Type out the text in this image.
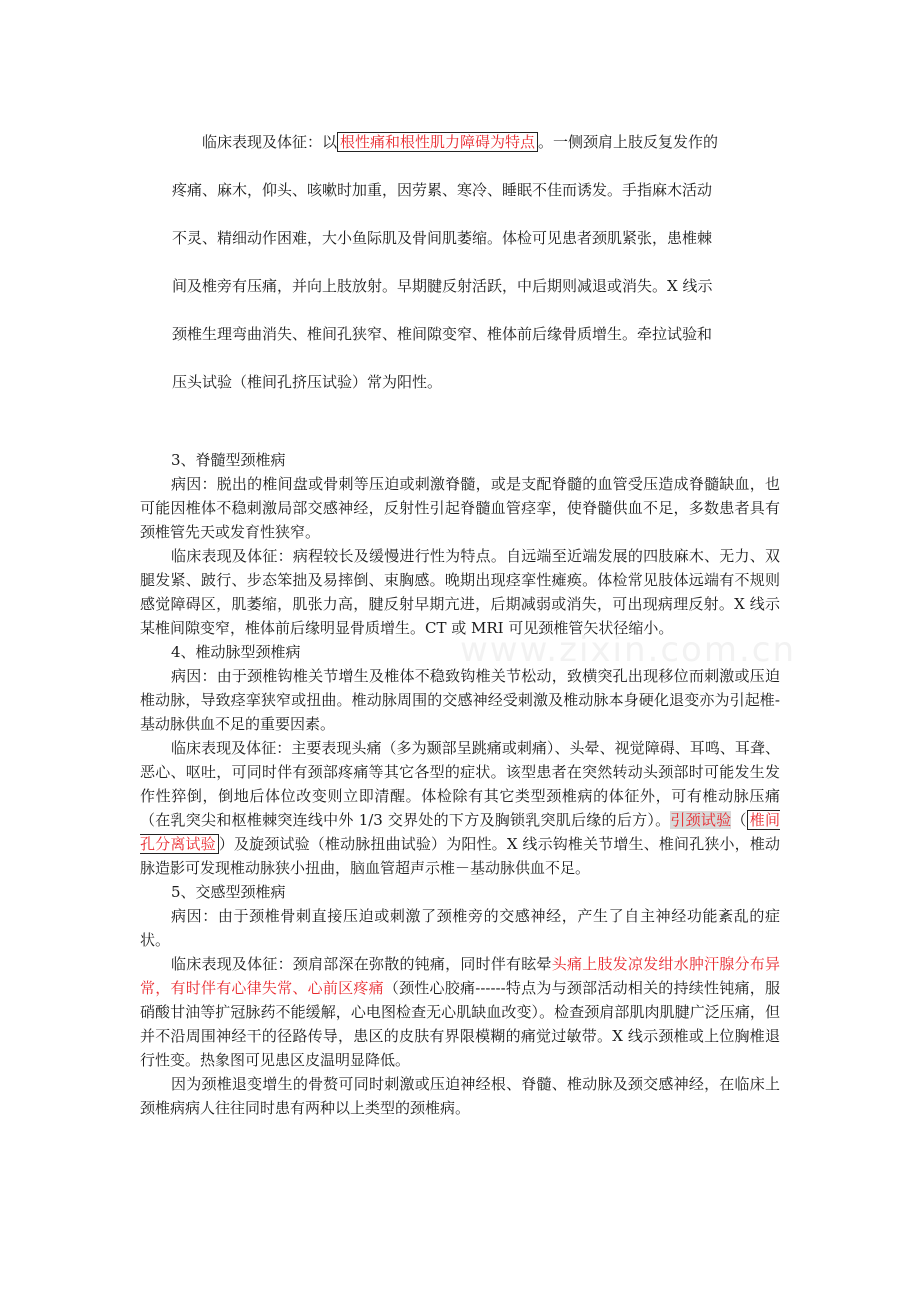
www.zixin.com.cn

临床表现及体征：以 根性痛和根性肌力障碍为特点 。一侧颈肩上肢反复发作的

疼痛、麻木，仰头、咳嗽时加重，因劳累、寒冷、睡眠不佳而诱发。手指麻木活动

不灵、精细动作困难，大小鱼际肌及骨间肌萎缩。体检可见患者颈肌紧张，患椎棘

间及椎旁有压痛，并向上肢放射。早期腱反射活跃，中后期则减退或消失。X 线示

颈椎生理弯曲消失、椎间孔狭窄、椎间隙变窄、椎体前后缘骨质增生。牵拉试验和

压头试验（椎间孔挤压试验）常为阳性。

3、脊髓型颈椎病

病因：脱出的椎间盘或骨刺等压迫或刺激脊髓，或是支配脊髓的血管受压造成脊髓缺血，也可能因椎体不稳刺激局部交感神经，反射性引起脊髓血管痉挛，使脊髓供血不足，多数患者具有颈椎管先天或发育性狭窄。

临床表现及体征：病程较长及缓慢进行性为特点。自远端至近端发展的四肢麻木、无力、双腿发紧、跛行、步态笨拙及易摔倒、束胸感。晚期出现痉挛性瘫痪。体检常见肢体远端有不规则感觉障碍区，肌萎缩，肌张力高，腱反射早期亢进，后期减弱或消失，可出现病理反射。X 线示某椎间隙变窄，椎体前后缘明显骨质增生。CT 或 MRI 可见颈椎管矢状径缩小。

4、椎动脉型颈椎病

病因：由于颈椎钩椎关节增生及椎体不稳致钩椎关节松动，致横突孔出现移位而刺激或压迫椎动脉，导致痉挛狭窄或扭曲。椎动脉周围的交感神经受刺激及椎动脉本身硬化退变亦为引起椎-基动脉供血不足的重要因素。

临床表现及体征：主要表现头痛（多为颞部呈跳痛或刺痛）、头晕、视觉障碍、耳鸣、耳聋、恶心、呕吐，可同时伴有颈部疼痛等其它各型的症状。该型患者在突然转动头颈部时可能发生发作性猝倒，倒地后体位改变则立即清醒。体检除有其它类型颈椎病的体征外，可有椎动脉压痛（在乳突尖和枢椎棘突连线中外 1/3 交界处的下方及胸锁乳突肌后缘的后方）。引颈试验（ 椎间孔分离试验 ）及旋颈试验（椎动脉扭曲试验）为阳性。X 线示钩椎关节增生、椎间孔狭小，椎动脉造影可发现椎动脉狭小扭曲，脑血管超声示椎－基动脉供血不足。

5、交感型颈椎病

病因：由于颈椎骨刺直接压迫或刺激了颈椎旁的交感神经，产生了自主神经功能紊乱的症状。

临床表现及体征：颈肩部深在弥散的钝痛，同时伴有眩晕头痛上肢发凉发绀水肿汗腺分布异常，有时伴有心律失常、心前区疼痛（颈性心胶痛------特点为与颈部活动相关的持续性钝痛，服硝酸甘油等扩冠脉药不能缓解，心电图检查无心肌缺血改变）。检查颈肩部肌肉肌腱广泛压痛，但并不沿周围神经干的径路传导，患区的皮肤有界限模糊的痛觉过敏带。X 线示颈椎或上位胸椎退行性变。热象图可见患区皮温明显降低。

因为颈椎退变增生的骨赘可同时刺激或压迫神经根、脊髓、椎动脉及颈交感神经，在临床上颈椎病病人往往同时患有两种以上类型的颈椎病。
